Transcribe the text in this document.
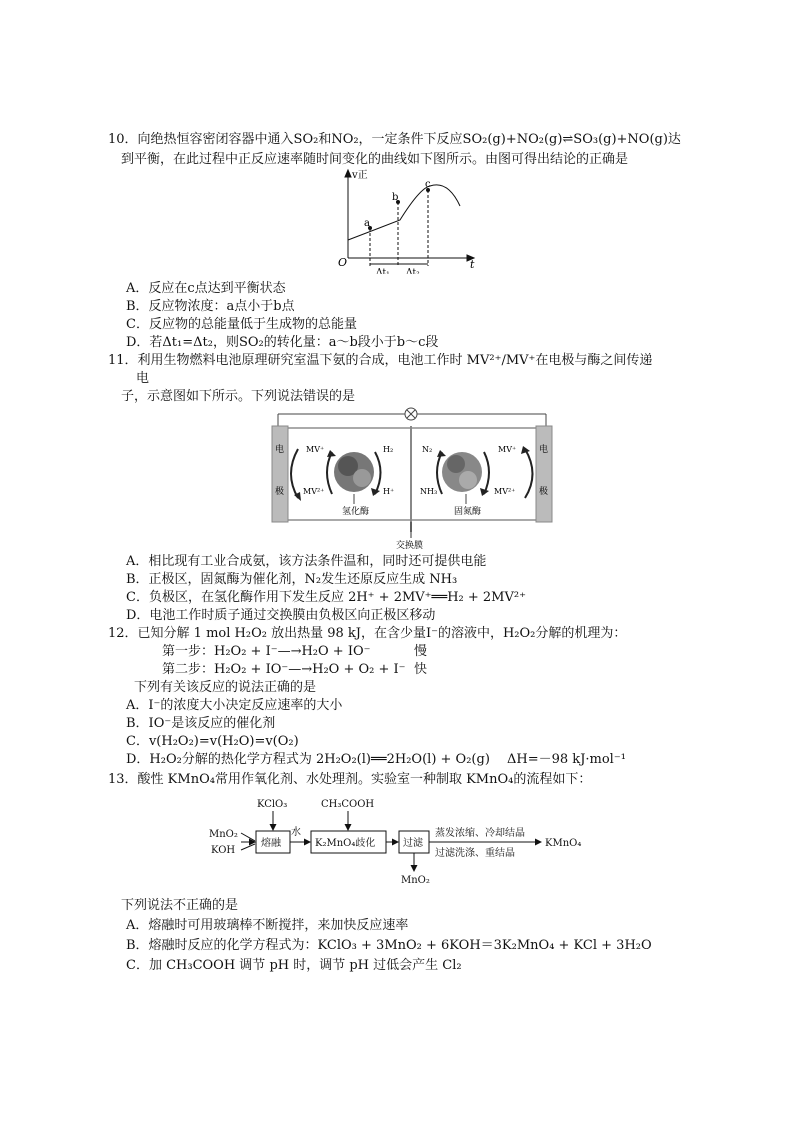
10．向绝热恒容密闭容器中通入SO₂和NO₂，一定条件下反应SO₂(g)+NO₂(g)⇌SO₃(g)+NO(g)达
到平衡，在此过程中正反应速率随时间变化的曲线如下图所示。由图可得出结论的正确是
v正
t
O
a
b
c
Δt₁ Δt₂
A．反应在c点达到平衡状态
B．反应物浓度：a点小于b点
C．反应物的总能量低于生成物的总能量
D．若Δt₁=Δt₂，则SO₂的转化量：a～b段小于b～c段
11．利用生物燃料电池原理研究室温下氨的合成，电池工作时 MV²⁺/MV⁺在电极与酶之间传递
电
子，示意图如下所示。下列说法错误的是
电极
电极
交换膜
MV⁺
MV²⁺
H₂
H⁺
氢化酶
N₂
NH₃
MV⁺
MV²⁺
固氮酶
A．相比现有工业合成氨，该方法条件温和，同时还可提供电能
B．正极区，固氮酶为催化剂，N₂发生还原反应生成 NH₃
C．负极区，在氢化酶作用下发生反应 2H⁺ + 2MV⁺══H₂ + 2MV²⁺
D．电池工作时质子通过交换膜由负极区向正极区移动
12．已知分解 1 mol H₂O₂ 放出热量 98 kJ，在含少量I⁻的溶液中，H₂O₂分解的机理为：
第一步：H₂O₂ + I⁻—→H₂O + IO⁻	慢
第二步：H₂O₂ + IO⁻—→H₂O + O₂ + I⁻ 快
下列有关该反应的说法正确的是
A．I⁻的浓度大小决定反应速率的大小
B．IO⁻是该反应的催化剂
C．v(H₂O₂)=v(H₂O)=v(O₂)
D．H₂O₂分解的热化学方程式为 2H₂O₂(l)══2H₂O(l) + O₂(g)　 ΔH=－98 kJ·mol⁻¹
13．酸性 KMnO₄常用作氧化剂、水处理剂。实验室一种制取 KMnO₄的流程如下：
MnO₂
KOH
KClO₃	CH₃COOH
水	蒸发浓缩、冷却结晶
过滤洗涤、重结晶
KMnO₄
MnO₂
熔融	K₂MnO₄歧化	过滤
下列说法不正确的是
A．熔融时可用玻璃棒不断搅拌，来加快反应速率
B．熔融时反应的化学方程式为：KClO₃ + 3MnO₂ + 6KOH＝3K₂MnO₄ + KCl + 3H₂O
C．加 CH₃COOH 调节 pH 时，调节 pH 过低会产生 Cl₂
